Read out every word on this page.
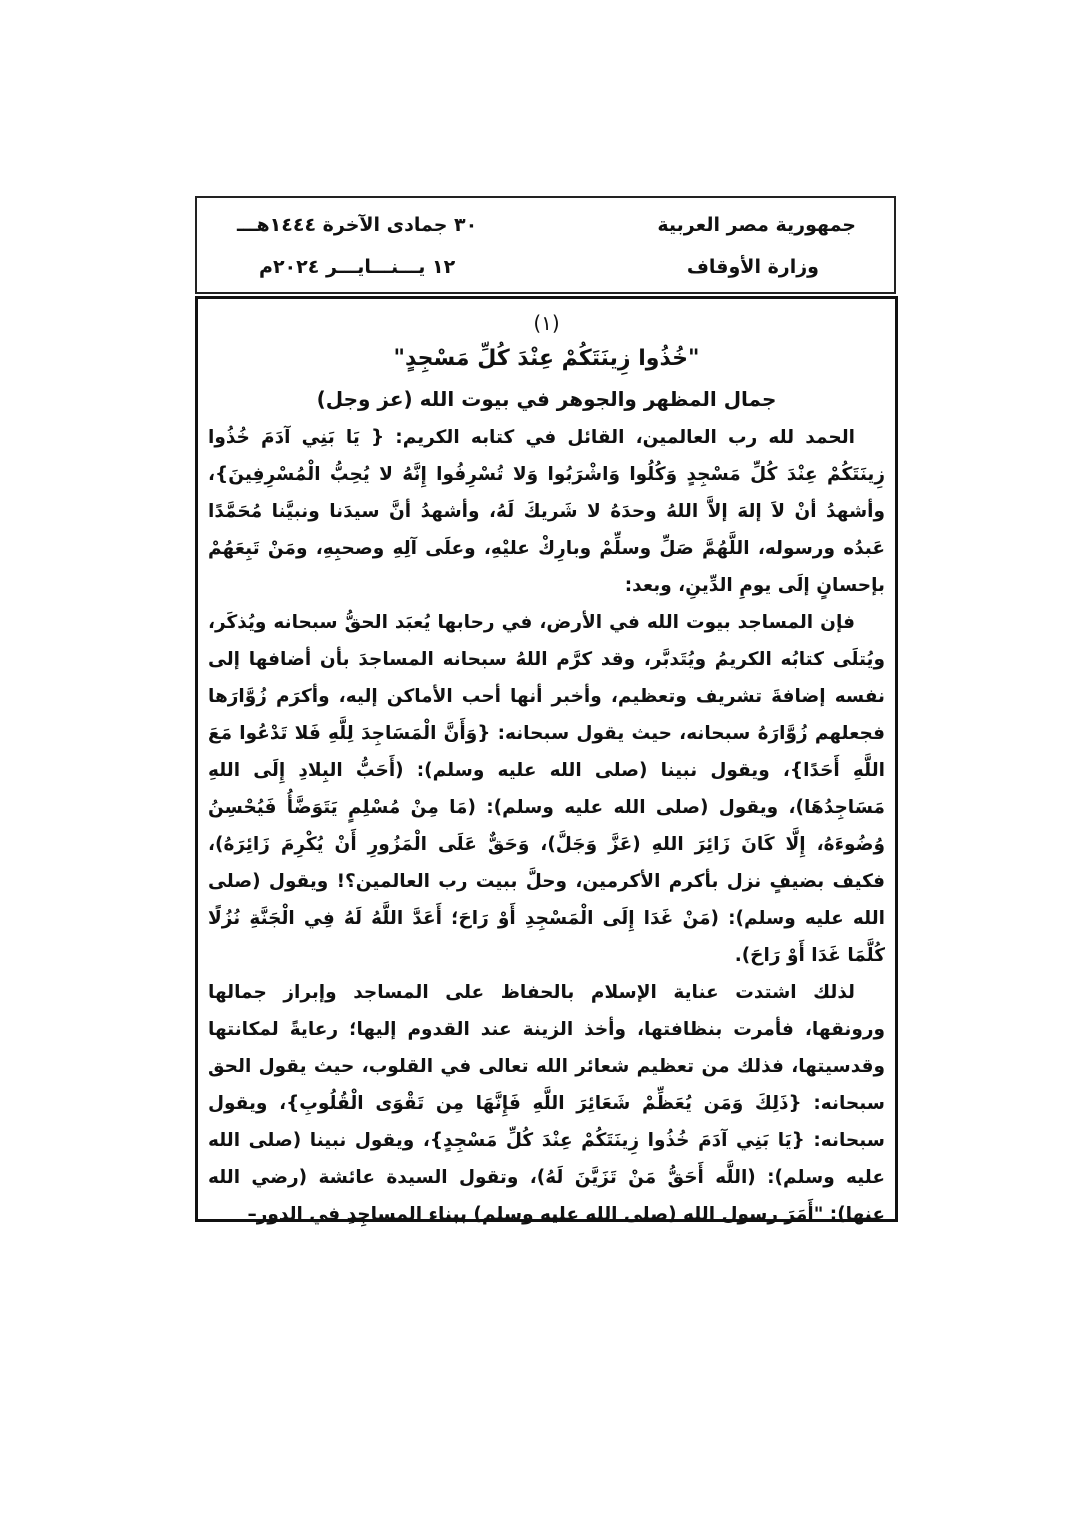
جمهورية مصر العربية
وزارة الأوقاف
٣٠ جمادى الآخرة ١٤٤٤هـــ
١٢ يـــنـــايـــر ٢٠٢٤م
(١)
"خُذُوا زِينَتَكُمْ عِنْدَ كُلِّ مَسْجِدٍ"
جمال المظهر والجوهر في بيوت الله (عز وجل)

الحمد لله رب العالمين، القائل في كتابه الكريم: { يَا بَنِي آدَمَ خُذُوا زِينَتَكُمْ عِنْدَ كُلِّ مَسْجِدٍ وَكُلُوا وَاشْرَبُوا وَلا تُسْرِفُوا إِنَّهُ لا يُحِبُّ الْمُسْرِفِينَ}، وأشهدُ أنْ لاَ إلهَ إلاَّ اللهُ وحدَهُ لا شَريكَ لَهُ، وأشهدُ أنَّ سيدَنا ونبيَّنا مُحَمَّدًا عَبدُه ورسوله، اللَّهُمَّ صَلِّ وسلِّمْ وبارِكْ عليْهِ، وعلَى آلِهِ وصحبِهِ، ومَنْ تَبِعَهُمْ بإحسانٍ إلَى يومِ الدِّينِ، وبعد:

فإن المساجد بيوت الله في الأرض، في رحابها يُعبَد الحقُّ سبحانه ويُذكَر، ويُتلَى كتابُه الكريمُ ويُتَدبَّر، وقد كرَّم اللهُ سبحانه المساجدَ بأن أضافها إلى نفسه إضافةَ تشريف وتعظيم، وأخبر أنها أحب الأماكن إليه، وأكرَم زُوَّارَها فجعلهم زُوَّارَهُ سبحانه، حيث يقول سبحانه: {وَأَنَّ الْمَسَاجِدَ لِلَّهِ فَلا تَدْعُوا مَعَ اللَّهِ أَحَدًا}، ويقول نبينا (صلى الله عليه وسلم): (أَحَبُّ البِلادِ إِلَى اللهِ مَسَاجِدُهَا)، ويقول (صلى الله عليه وسلم): (مَا مِنْ مُسْلِمٍ يَتَوَضَّأُ فَيُحْسِنُ وُضُوءَهُ، إِلَّا كَانَ زَائِرَ اللهِ (عَزَّ وَجَلَّ)، وَحَقٌّ عَلَى الْمَزُورِ أَنْ يُكْرِمَ زَائِرَهُ)، فكيف بضيفٍ نزل بأكرم الأكرمين، وحلَّ ببيت رب العالمين؟! ويقول (صلى الله عليه وسلم): (مَنْ غَدَا إِلَى الْمَسْجِدِ أَوْ رَاحَ؛ أَعَدَّ اللَّهُ لَهُ فِي الْجَنَّةِ نُزُلًا كُلَّمَا غَدَا أَوْ رَاحَ).

لذلك اشتدت عناية الإسلام بالحفاظ على المساجد وإبراز جمالها ورونقها، فأمرت بنظافتها، وأخذ الزينة عند القدوم إليها؛ رعايةً لمكانتها وقدسيتها، فذلك من تعظيم شعائر الله تعالى في القلوب، حيث يقول الحق سبحانه: {ذَلِكَ وَمَن يُعَظِّمْ شَعَائِرَ اللَّهِ فَإِنَّهَا مِن تَقْوَى الْقُلُوبِ}، ويقول سبحانه: {يَا بَنِي آدَمَ خُذُوا زِينَتَكُمْ عِنْدَ كُلِّ مَسْجِدٍ}، ويقول نبينا (صلى الله عليه وسلم): (اللَّه أَحَقُّ مَنْ تَزَيَّنَ لَهُ)، وتقول السيدة عائشة (رضي الله عنها): "أَمَرَ رسول الله (صلى الله عليه وسلم) ببناء المساجِدِ في الدور–
